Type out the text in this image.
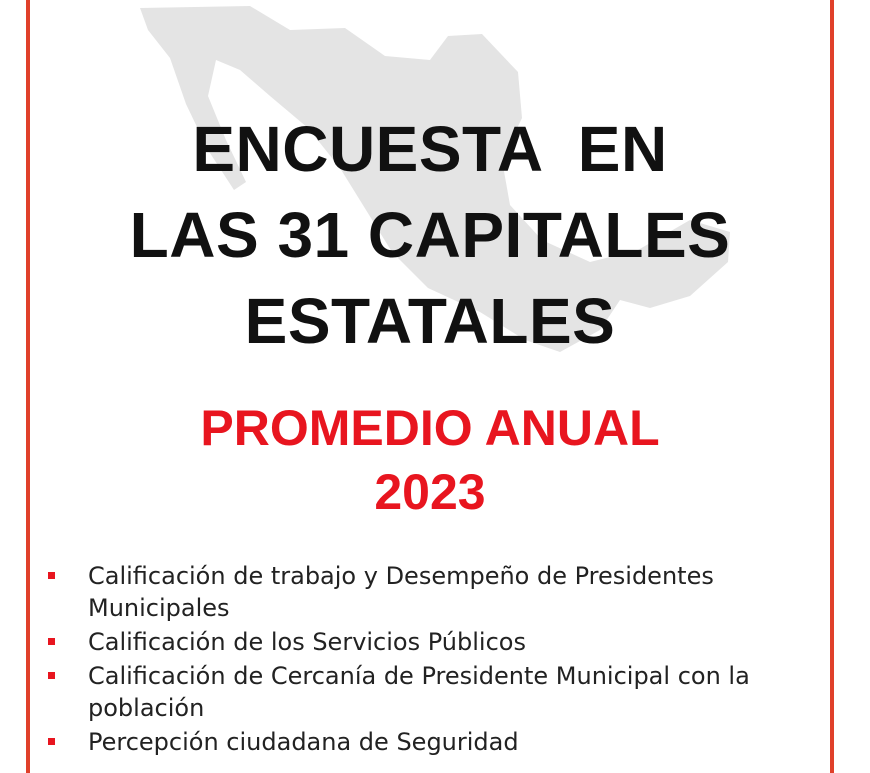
ENCUESTA  EN
LAS 31 CAPITALES
ESTATALES
PROMEDIO ANUAL
2023
Calificación de trabajo y Desempeño de Presidentes Municipales
Calificación de los Servicios Públicos
Calificación de Cercanía de Presidente Municipal con la población
Percepción ciudadana de Seguridad
